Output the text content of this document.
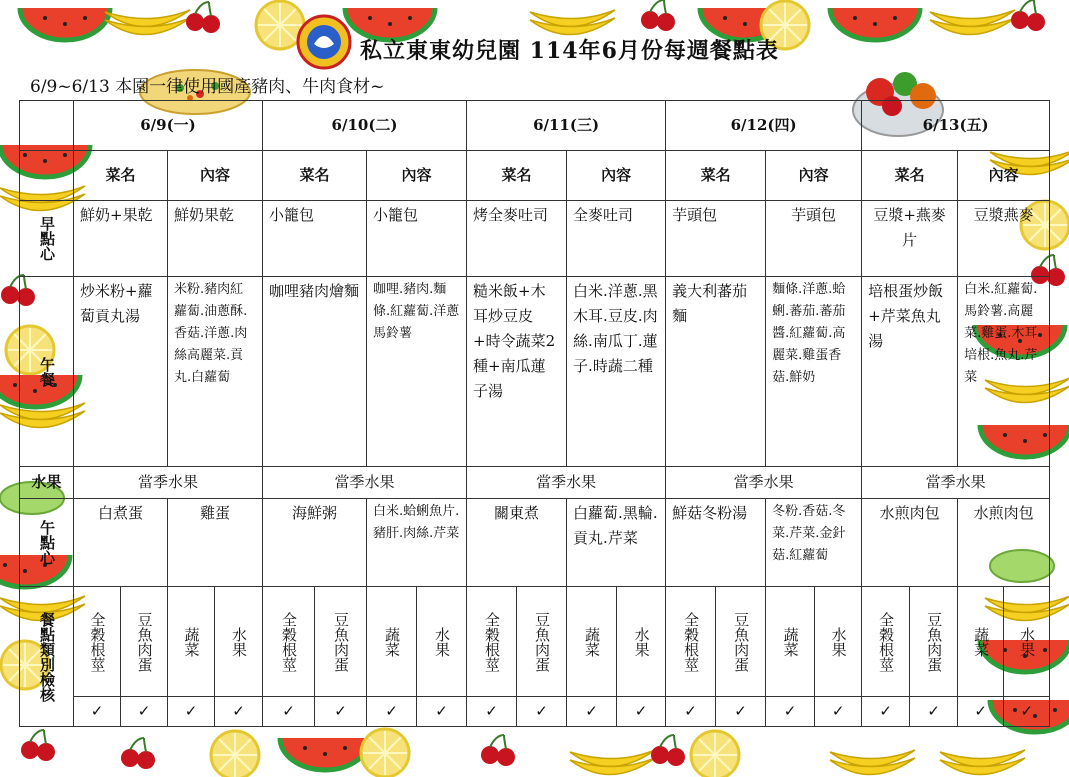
私立東東幼兒園 114年6月份每週餐點表
6/9~6/13 本園一律使用國產豬肉、牛肉食材~
	6/9(一)				6/10(二)				6/11(三)				6/12(四)				6/13(五)			
	菜名		內容		菜名		內容		菜名		內容		菜名		內容		菜名		內容	
早點心	鮮奶+果乾		鮮奶果乾		小籠包		小籠包		烤全麥吐司		全麥吐司		芋頭包		芋頭包		豆漿+燕麥片		豆漿燕麥	
午餐	炒米粉+蘿蔔貢丸湯		米粉.豬肉紅蘿蔔.油蔥酥.香菇.洋蔥.肉絲高麗菜.貢丸.白蘿蔔		咖哩豬肉燴麵		咖哩.豬肉.麵條.紅蘿蔔.洋蔥馬鈴薯		糙米飯+木耳炒豆皮+時令蔬菜2種+南瓜蓮子湯		白米.洋蔥.黑木耳.豆皮.肉絲.南瓜丁.蓮子.時蔬二種		義大利蕃茄麵		麵條.洋蔥.蛤蜊.蕃茄.蕃茄醬.紅蘿蔔.高麗菜.雞蛋香菇.鮮奶		培根蛋炒飯+芹菜魚丸湯		白米.紅蘿蔔.馬鈴薯.高麗菜.雞蛋.木耳培根.魚丸.芹菜	
水果	當季水果				當季水果				當季水果				當季水果				當季水果			
午點心	白煮蛋		雞蛋		海鮮粥		白米.蛤蜊魚片.豬肝.肉絲.芹菜		關東煮		白蘿蔔.黑輪.貢丸.芹菜		鮮菇冬粉湯		冬粉.香菇.冬菜.芹菜.金針菇.紅蘿蔔		水煎肉包		水煎肉包	
餐點類別檢核	全穀根莖	豆魚肉蛋	蔬菜	水果	全穀根莖	豆魚肉蛋	蔬菜	水果	全穀根莖	豆魚肉蛋	蔬菜	水果	全穀根莖	豆魚肉蛋	蔬菜	水果	全穀根莖	豆魚肉蛋	蔬菜	水果
	✓	✓	✓	✓	✓	✓	✓	✓	✓	✓	✓	✓	✓	✓	✓	✓	✓	✓	✓	✓
